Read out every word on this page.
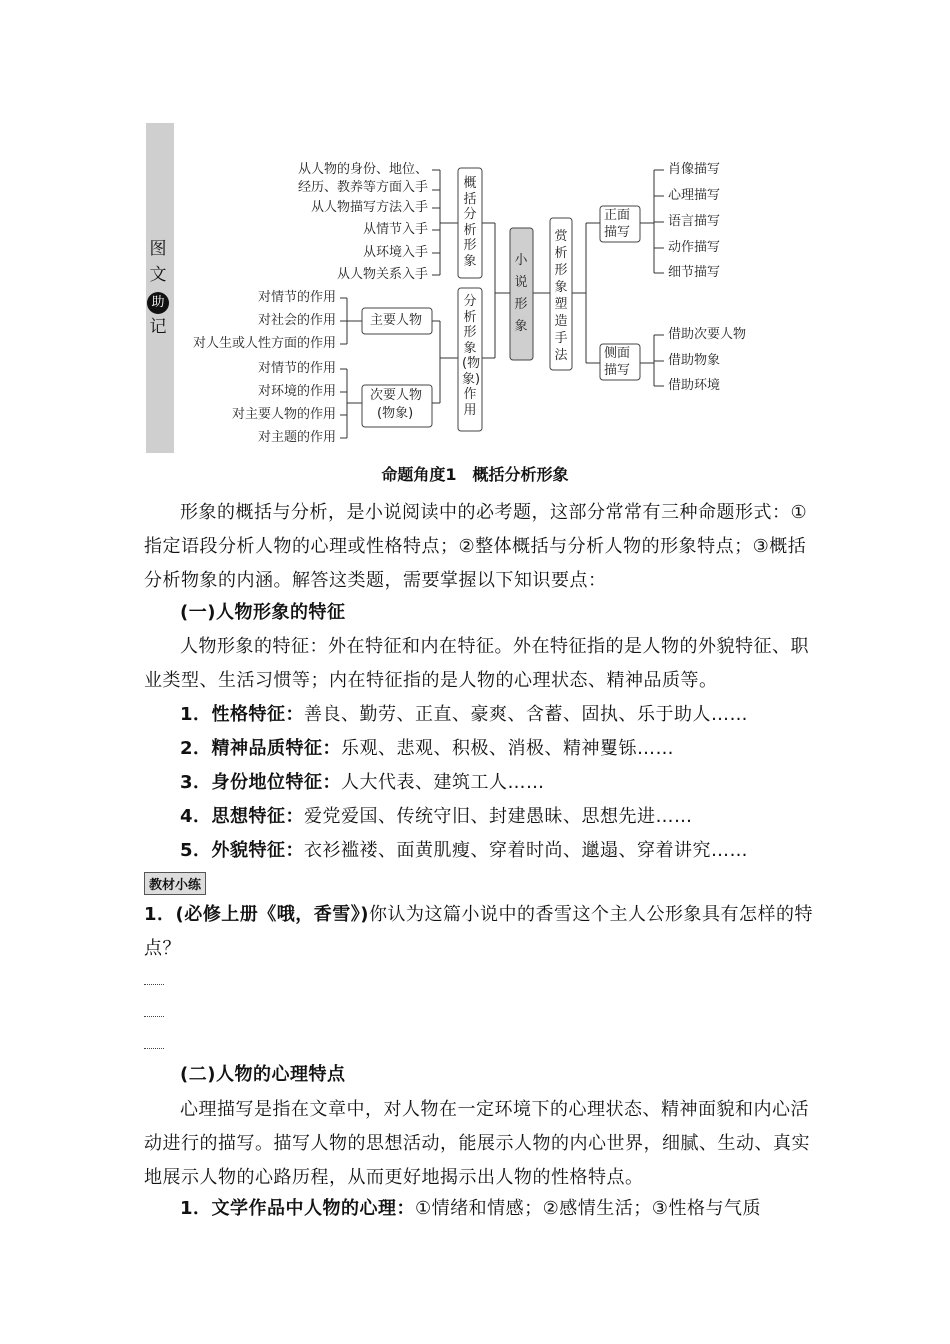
从人物的身份、地位、
经历、教养等方面入手
从人物描写方法入手
从情节入手
从环境入手
从人物关系入手
对情节的作用
对社会的作用
对人生或人性方面的作用
主要人物
对情节的作用
对环境的作用
对主要人物的作用
对主题的作用
次要人物
(物象)
概括分析形象
分析形象(物象)作用
小说形象
赏析形象塑造手法
正面描写
侧面描写
肖像描写
心理描写
语言描写
动作描写
细节描写
借助次要人物
借助物象
借助环境
图
文
助
记
命题角度1　概括分析形象
形象的概括与分析，是小说阅读中的必考题，这部分常常有三种命题形式：①指定语段分析人物的心理或性格特点；②整体概括与分析人物的形象特点；③概括分析物象的内涵。解答这类题，需要掌握以下知识要点：
(一)人物形象的特征
人物形象的特征：外在特征和内在特征。外在特征指的是人物的外貌特征、职业类型、生活习惯等；内在特征指的是人物的心理状态、精神品质等。
1．性格特征：善良、勤劳、正直、豪爽、含蓄、固执、乐于助人……
2．精神品质特征：乐观、悲观、积极、消极、精神矍铄……
3．身份地位特征：人大代表、建筑工人……
4．思想特征：爱党爱国、传统守旧、封建愚昧、思想先进……
5．外貌特征：衣衫褴褛、面黄肌瘦、穿着时尚、邋遢、穿着讲究……
教材小练
1．(必修上册《哦，香雪》)你认为这篇小说中的香雪这个主人公形象具有怎样的特点？
(二)人物的心理特点
心理描写是指在文章中，对人物在一定环境下的心理状态、精神面貌和内心活动进行的描写。描写人物的思想活动，能展示人物的内心世界，细腻、生动、真实地展示人物的心路历程，从而更好地揭示出人物的性格特点。
1．文学作品中人物的心理：①情绪和情感；②感情生活；③性格与气质
